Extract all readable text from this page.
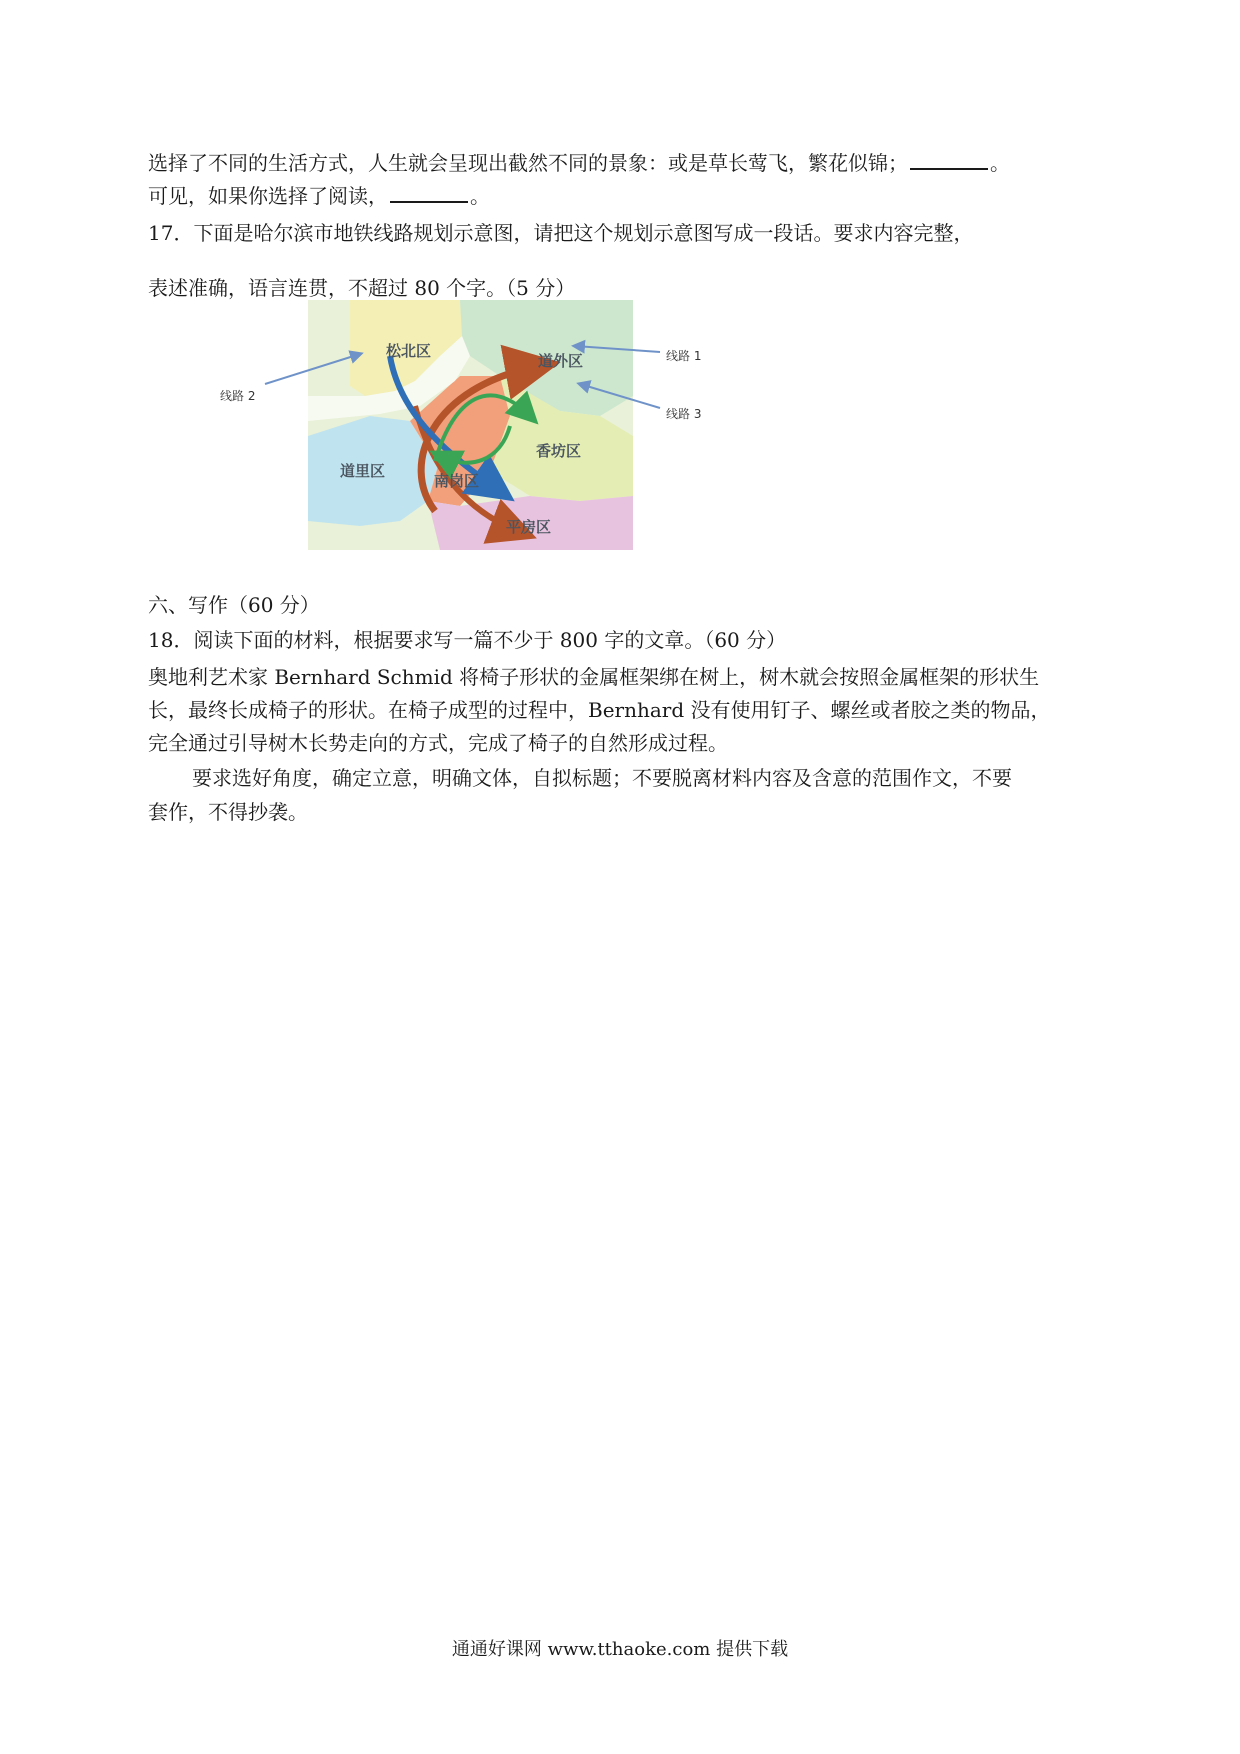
选择了不同的生活方式，人生就会呈现出截然不同的景象：或是草长莺飞，繁花似锦；	。
可见，如果你选择了阅读，	。
17．下面是哈尔滨市地铁线路规划示意图，请把这个规划示意图写成一段话。要求内容完整，
表述准确，语言连贯，不超过 80 个字。（5 分）
松北区
道外区
道里区
南岗区
香坊区
平房区
线路 1
线路 2
线路 3
六、写作（60 分）
18．阅读下面的材料，根据要求写一篇不少于 800 字的文章。（60 分）
奥地利艺术家 Bernhard Schmid 将椅子形状的金属框架绑在树上，树木就会按照金属框架的形状生
长，最终长成椅子的形状。在椅子成型的过程中，Bernhard 没有使用钉子、螺丝或者胶之类的物品，
完全通过引导树木长势走向的方式，完成了椅子的自然形成过程。
要求选好角度，确定立意，明确文体，自拟标题；不要脱离材料内容及含意的范围作文，不要
套作，不得抄袭。
通通好课网 www.tthaoke.com 提供下载
